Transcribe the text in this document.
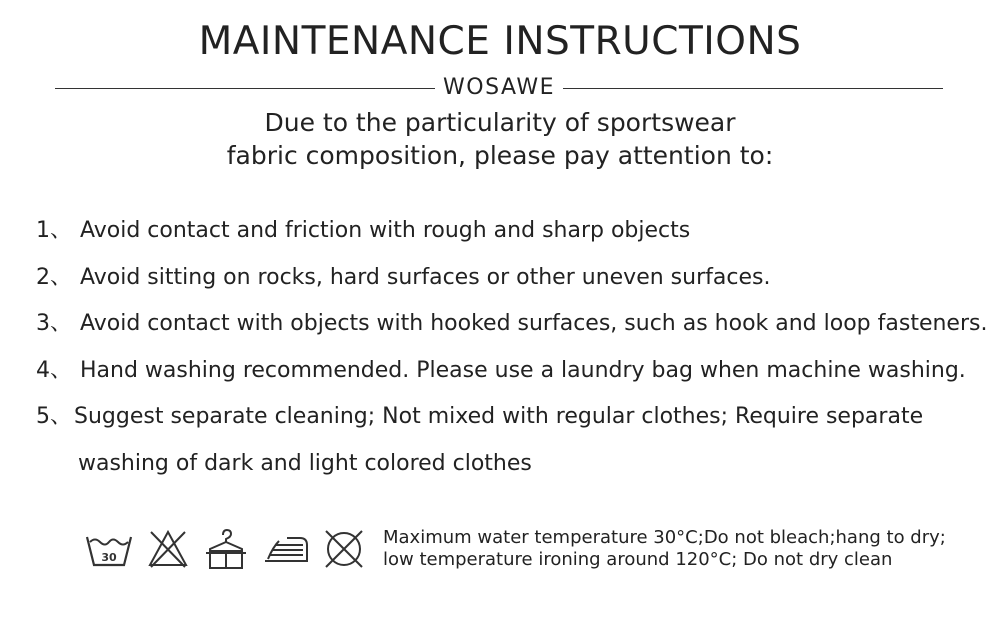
MAINTENANCE INSTRUCTIONS
WOSAWE
Due to the particularity of sportswear
fabric composition, please pay attention to:
1、 Avoid contact and friction with rough and sharp objects
2、 Avoid sitting on rocks, hard surfaces or other uneven surfaces.
3、 Avoid contact with objects with hooked surfaces, such as hook and loop fasteners.
4、 Hand washing recommended. Please use a laundry bag when machine washing.
5、 Suggest separate cleaning; Not mixed with regular clothes; Require separate
washing of dark and light colored clothes
30
Maximum water temperature 30°C;Do not bleach;hang to dry;
low temperature ironing around 120°C; Do not dry clean
